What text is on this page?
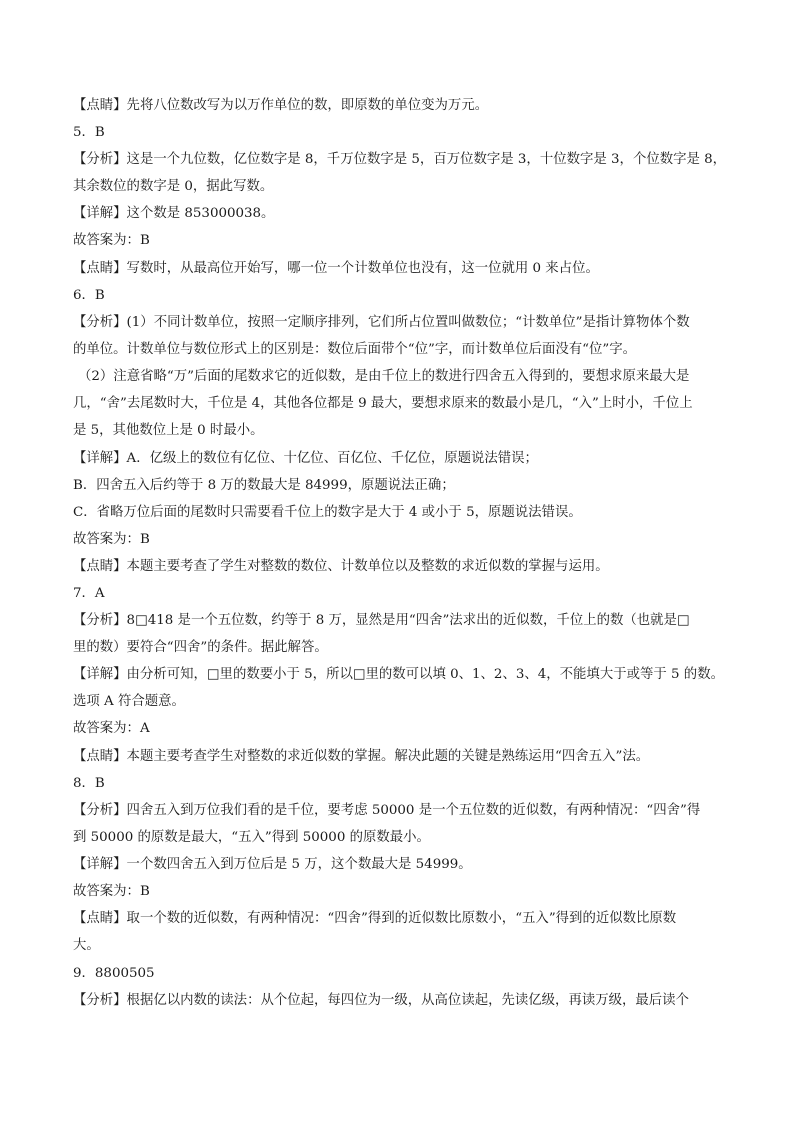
【点睛】先将八位数改写为以万作单位的数，即原数的单位变为万元。
5．B
【分析】这是一个九位数，亿位数字是 8，千万位数字是 5，百万位数字是 3，十位数字是 3，个位数字是 8，
其余数位的数字是 0，据此写数。
【详解】这个数是 853000038。
故答案为：B
【点睛】写数时，从最高位开始写，哪一位一个计数单位也没有，这一位就用 0 来占位。
6．B
【分析】(1）不同计数单位，按照一定顺序排列，它们所占位置叫做数位；“计数单位”是指计算物体个数
的单位。计数单位与数位形式上的区别是：数位后面带个“位”字，而计数单位后面没有“位”字。
（2）注意省略“万”后面的尾数求它的近似数，是由千位上的数进行四舍五入得到的，要想求原来最大是
几，“舍”去尾数时大，千位是 4，其他各位都是 9 最大，要想求原来的数最小是几，“入”上时小，千位上
是 5，其他数位上是 0 时最小。
【详解】A．亿级上的数位有亿位、十亿位、百亿位、千亿位，原题说法错误；
B．四舍五入后约等于 8 万的数最大是 84999，原题说法正确；
C．省略万位后面的尾数时只需要看千位上的数字是大于 4 或小于 5，原题说法错误。
故答案为：B
【点睛】本题主要考查了学生对整数的数位、计数单位以及整数的求近似数的掌握与运用。
7．A
【分析】8□418 是一个五位数，约等于 8 万，显然是用“四舍”法求出的近似数，千位上的数（也就是□
里的数）要符合“四舍”的条件。据此解答。
【详解】由分析可知，□里的数要小于 5，所以□里的数可以填 0、1、2、3、4，不能填大于或等于 5 的数。
选项 A 符合题意。
故答案为：A
【点睛】本题主要考查学生对整数的求近似数的掌握。解决此题的关键是熟练运用“四舍五入”法。
8．B
【分析】四舍五入到万位我们看的是千位，要考虑 50000 是一个五位数的近似数，有两种情况：“四舍”得
到 50000 的原数是最大，“五入”得到 50000 的原数最小。
【详解】一个数四舍五入到万位后是 5 万，这个数最大是 54999。
故答案为：B
【点睛】取一个数的近似数，有两种情况：“四舍”得到的近似数比原数小，“五入”得到的近似数比原数
大。
9．8800505
【分析】根据亿以内数的读法：从个位起，每四位为一级，从高位读起，先读亿级，再读万级，最后读个
